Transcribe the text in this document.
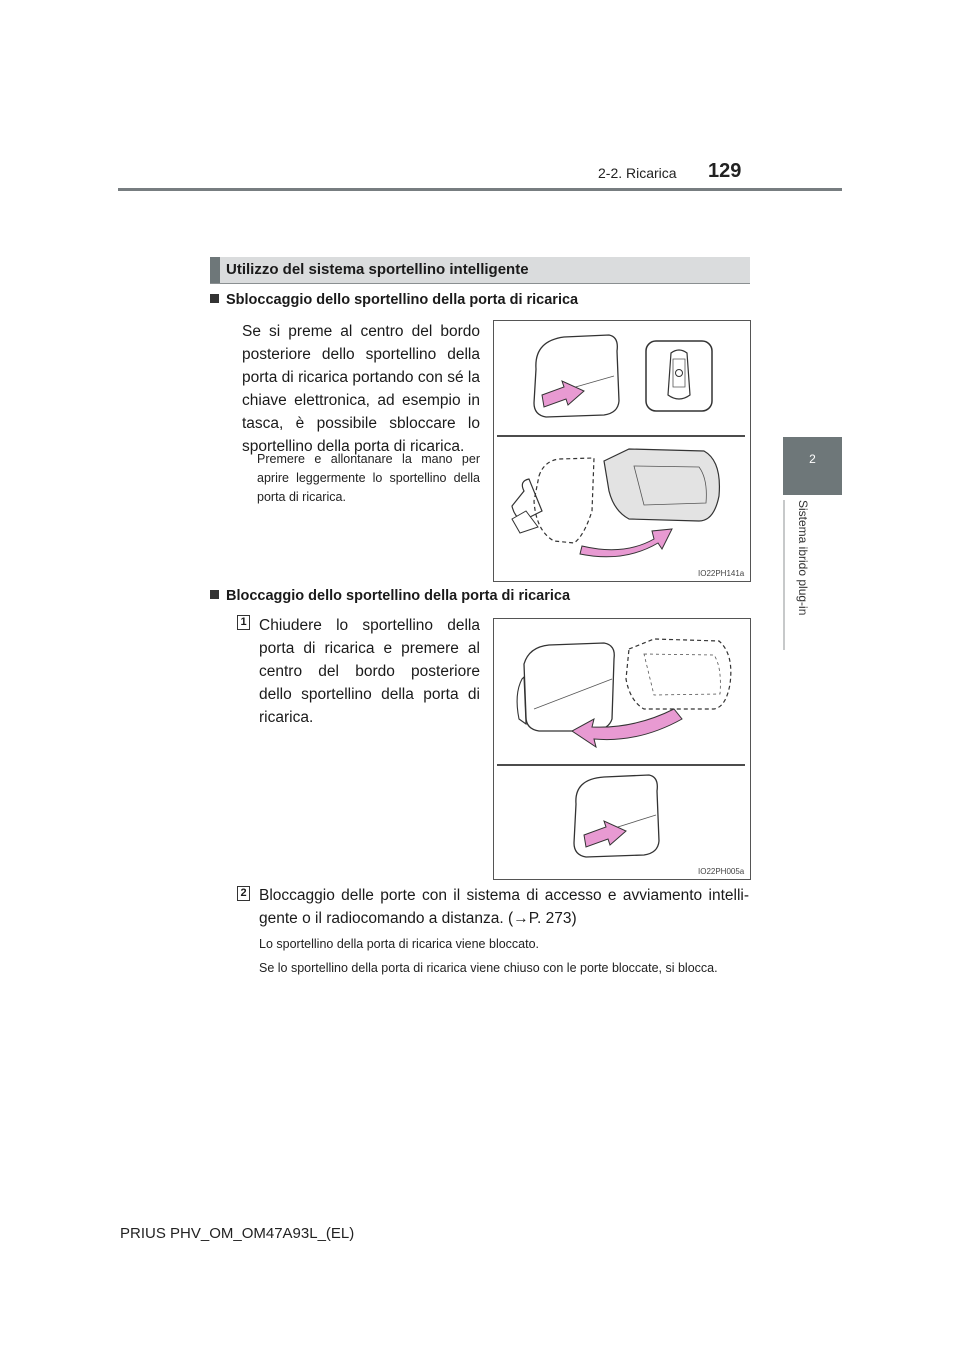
2-2. Ricarica 129
2
Sistema ibrido plug-in
Utilizzo del sistema sportellino intelligente
Sbloccaggio dello sportellino della porta di ricarica
Se si preme al centro del bordo posteriore dello sportellino della porta di ricarica portando con sé la chiave elettronica, ad esempio in tasca, è possibile sbloccare lo sportellino della porta di ricarica.
Premere e allontanare la mano per aprire leggermente lo sportellino della porta di ricarica.
IO22PH141a
Bloccaggio dello sportellino della porta di ricarica
1 Chiudere lo sportellino della porta di ricarica e premere al centro del bordo posteriore dello sportellino della porta di ricarica.
IO22PH005a
2 Bloccaggio delle porte con il sistema di accesso e avviamento intelli-gente o il radiocomando a distanza. (→P. 273)
Lo sportellino della porta di ricarica viene bloccato.
Se lo sportellino della porta di ricarica viene chiuso con le porte bloccate, si blocca.
PRIUS PHV_OM_OM47A93L_(EL)
